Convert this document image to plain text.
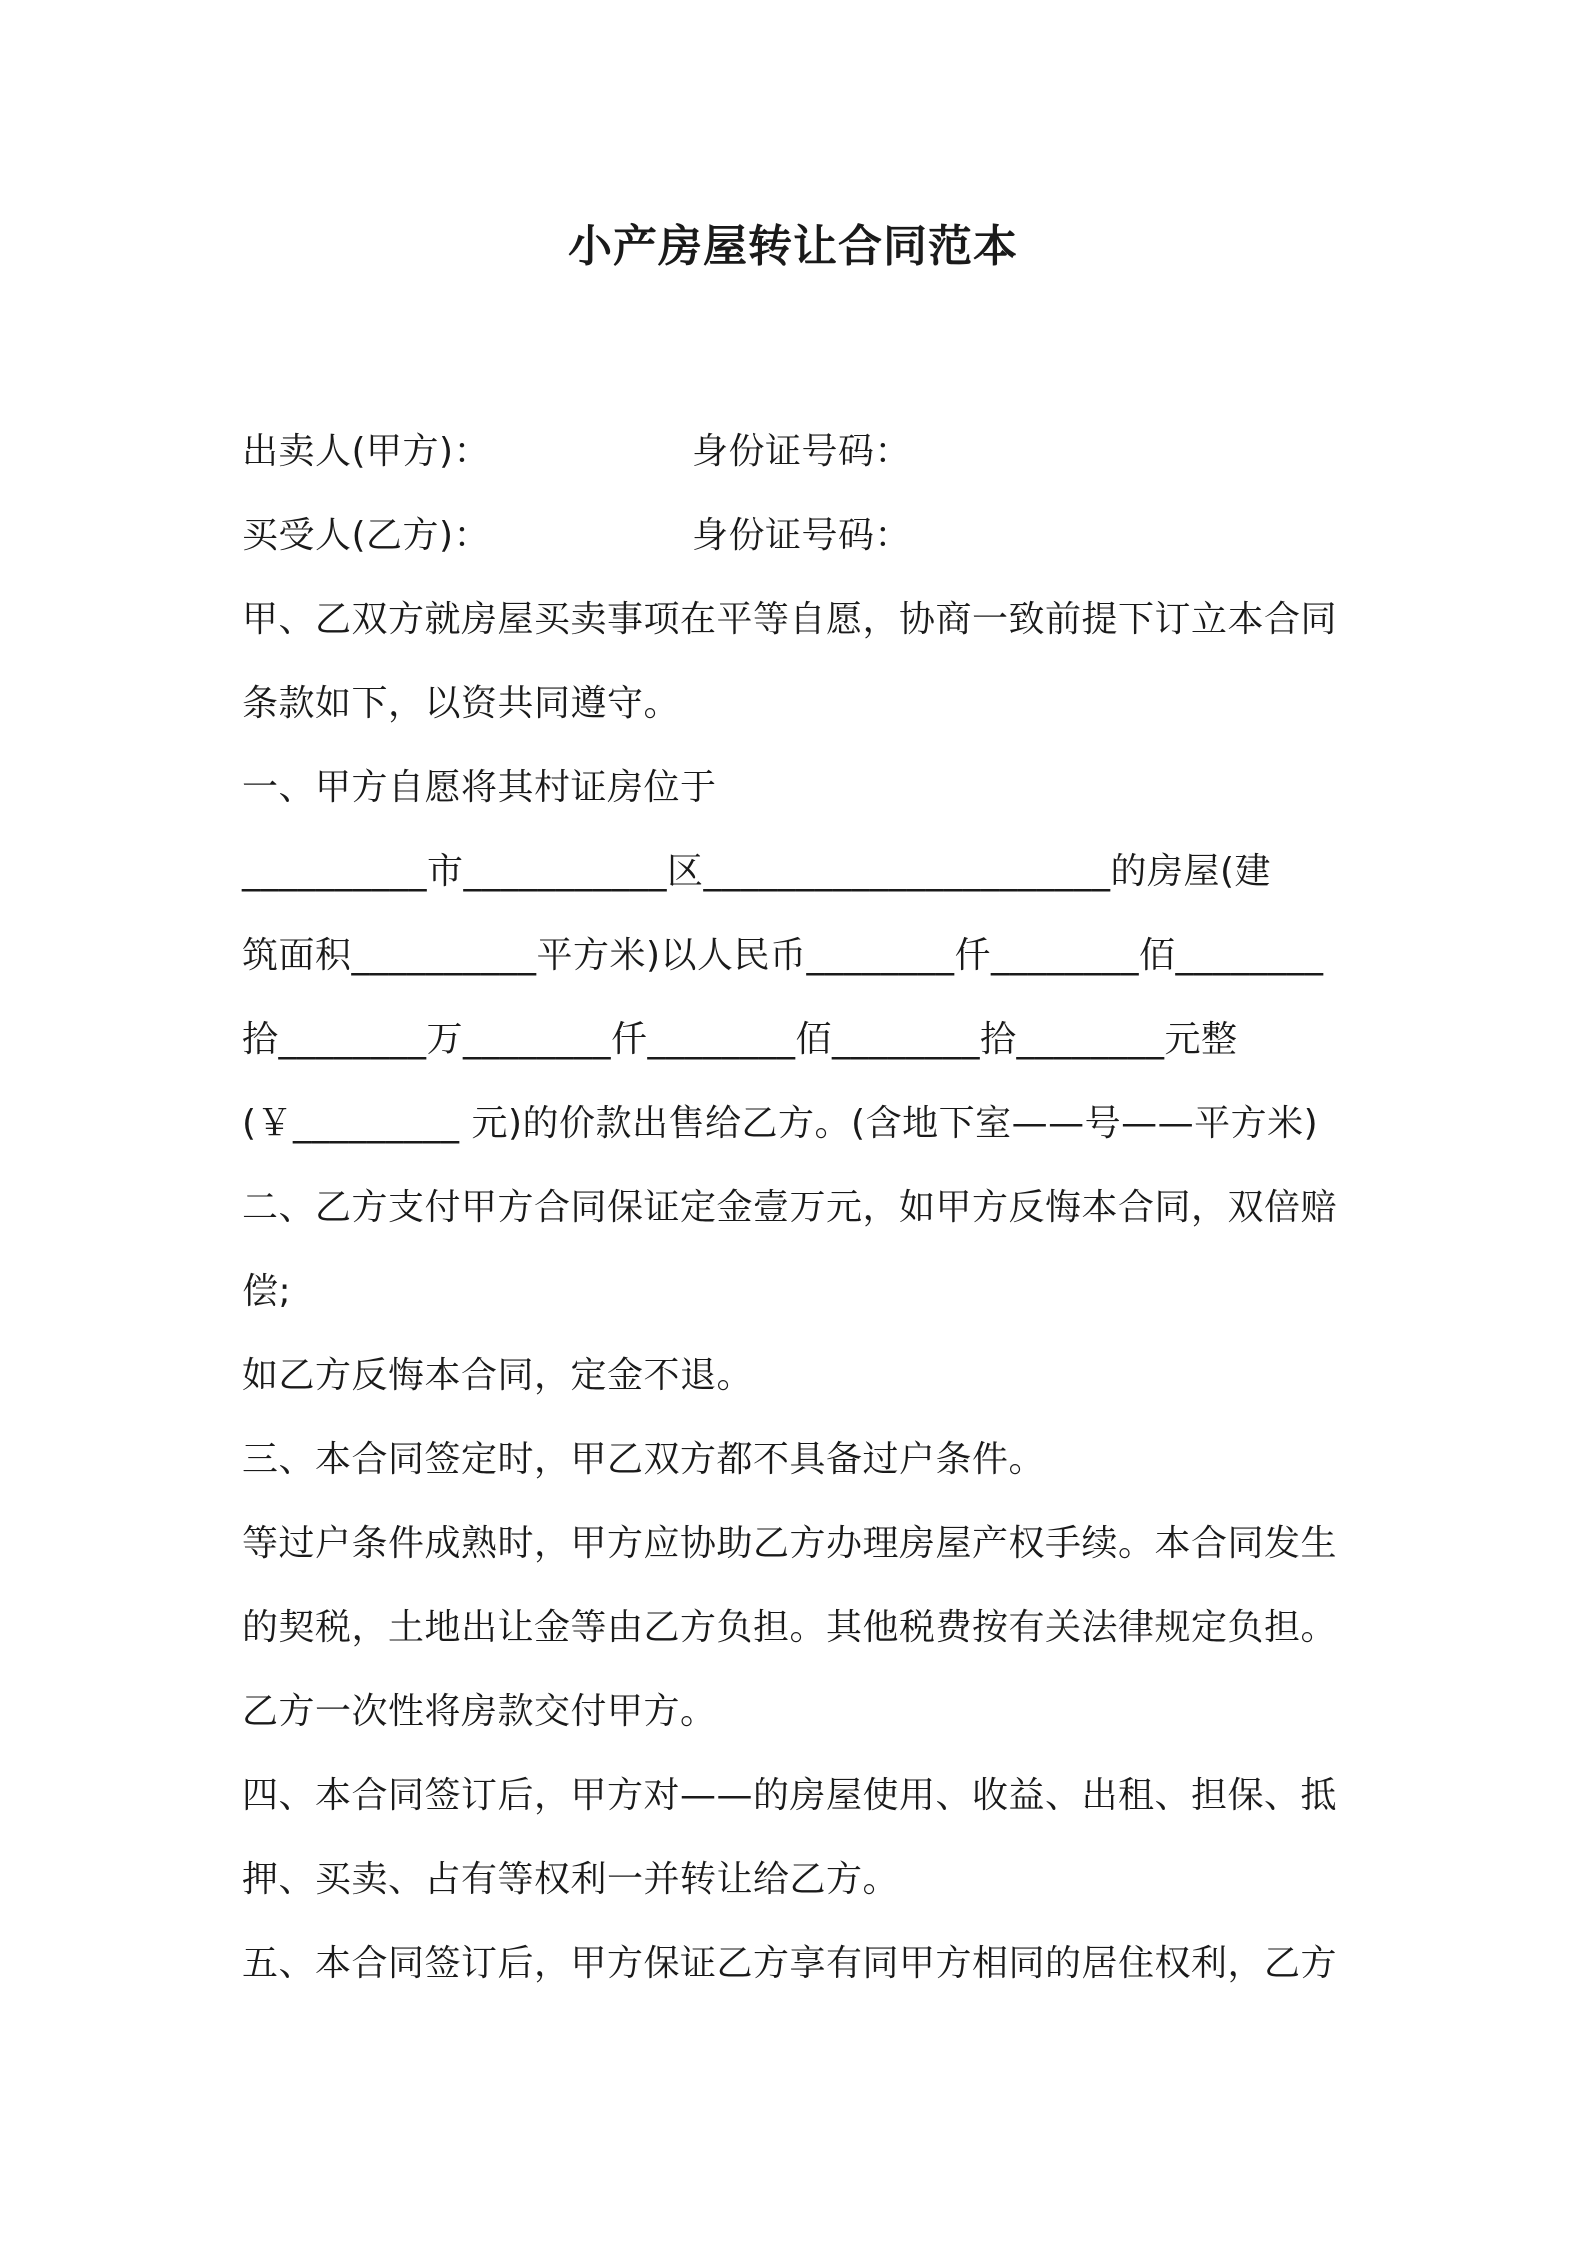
小产房屋转让合同范本
出卖人(甲方)：	身份证号码：
买受人(乙方)：	身份证号码：
甲、乙双方就房屋买卖事项在平等自愿，协商一致前提下订立本合同
条款如下，以资共同遵守。
一、甲方自愿将其村证房位于
__________市___________区______________________的房屋(建
筑面积__________平方米)以人民币________仟________佰________
拾________万________仟________佰________拾________元整
(￥_________ 元)的价款出售给乙方。(含地下室——号——平方米)
二、乙方支付甲方合同保证定金壹万元，如甲方反悔本合同，双倍赔
偿;
如乙方反悔本合同，定金不退。
三、本合同签定时，甲乙双方都不具备过户条件。
等过户条件成熟时，甲方应协助乙方办理房屋产权手续。本合同发生
的契税，土地出让金等由乙方负担。其他税费按有关法律规定负担。
乙方一次性将房款交付甲方。
四、本合同签订后，甲方对——的房屋使用、收益、出租、担保、抵
押、买卖、占有等权利一并转让给乙方。
五、本合同签订后，甲方保证乙方享有同甲方相同的居住权利，乙方
